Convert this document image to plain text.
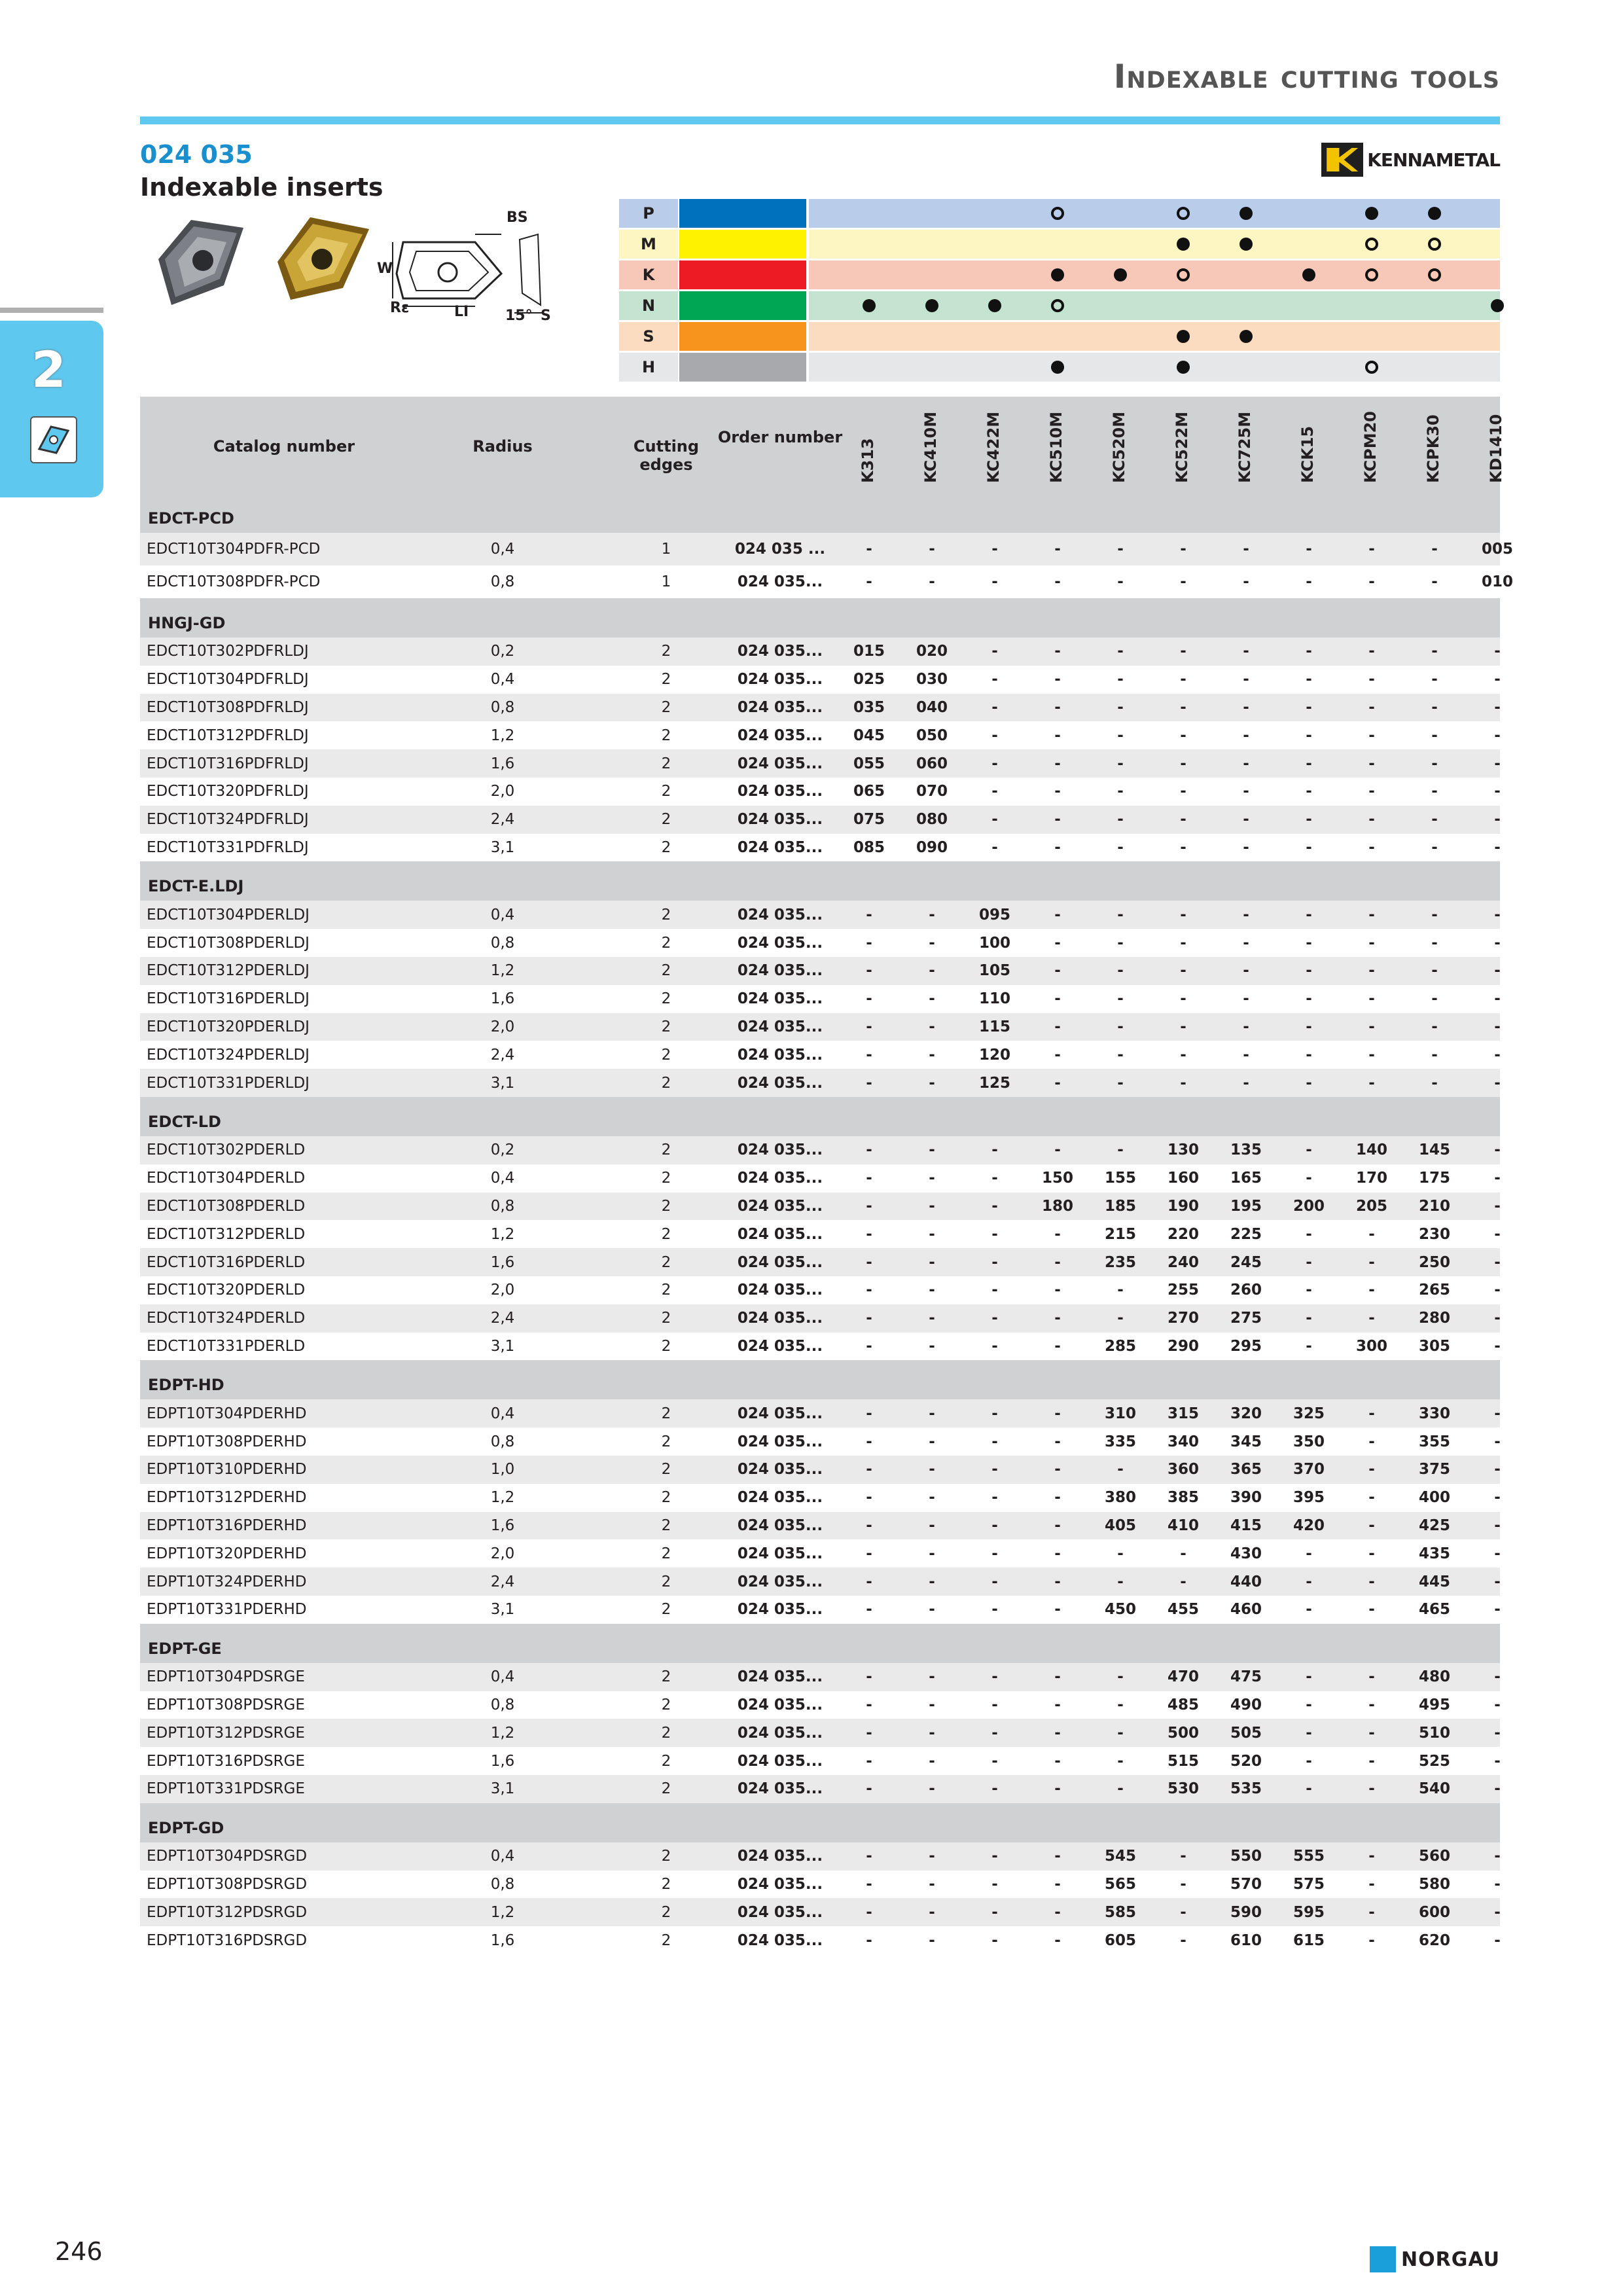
Indexable cutting tools
024 035
Indexable inserts
KENNAMETAL
2
BS
W
Rε	LI	15° S
P
M
K
N
S
H
Catalog number	Radius	Cutting edges
Order number
K313	KC410M	KC422M	KC510M	KC520M	KC522M	KC725M	KCK15	KCPM20	KCPK30	KD1410
EDCT-PCD
EDCT10T304PDFR-PCD	0,4	1	024 035 ...	-	-	-	-	-	-	-	-	-	-	005
EDCT10T308PDFR-PCD	0,8	1	024 035...	-	-	-	-	-	-	-	-	-	-	010
HNGJ-GD
EDCT10T302PDFRLDJ	0,2	2	024 035...	015	020	-	-	-	-	-	-	-	-	-
EDCT10T304PDFRLDJ	0,4	2	024 035...	025	030	-	-	-	-	-	-	-	-	-
EDCT10T308PDFRLDJ	0,8	2	024 035...	035	040	-	-	-	-	-	-	-	-	-
EDCT10T312PDFRLDJ	1,2	2	024 035...	045	050	-	-	-	-	-	-	-	-	-
EDCT10T316PDFRLDJ	1,6	2	024 035...	055	060	-	-	-	-	-	-	-	-	-
EDCT10T320PDFRLDJ	2,0	2	024 035...	065	070	-	-	-	-	-	-	-	-	-
EDCT10T324PDFRLDJ	2,4	2	024 035...	075	080	-	-	-	-	-	-	-	-	-
EDCT10T331PDFRLDJ	3,1	2	024 035...	085	090	-	-	-	-	-	-	-	-	-
EDCT-E.LDJ
EDCT10T304PDERLDJ	0,4	2	024 035...	-	-	095	-	-	-	-	-	-	-	-
EDCT10T308PDERLDJ	0,8	2	024 035...	-	-	100	-	-	-	-	-	-	-	-
EDCT10T312PDERLDJ	1,2	2	024 035...	-	-	105	-	-	-	-	-	-	-	-
EDCT10T316PDERLDJ	1,6	2	024 035...	-	-	110	-	-	-	-	-	-	-	-
EDCT10T320PDERLDJ	2,0	2	024 035...	-	-	115	-	-	-	-	-	-	-	-
EDCT10T324PDERLDJ	2,4	2	024 035...	-	-	120	-	-	-	-	-	-	-	-
EDCT10T331PDERLDJ	3,1	2	024 035...	-	-	125	-	-	-	-	-	-	-	-
EDCT-LD
EDCT10T302PDERLD	0,2	2	024 035...	-	-	-	-	-	130	135	-	140	145	-
EDCT10T304PDERLD	0,4	2	024 035...	-	-	-	150	155	160	165	-	170	175	-
EDCT10T308PDERLD	0,8	2	024 035...	-	-	-	180	185	190	195	200	205	210	-
EDCT10T312PDERLD	1,2	2	024 035...	-	-	-	-	215	220	225	-	-	230	-
EDCT10T316PDERLD	1,6	2	024 035...	-	-	-	-	235	240	245	-	-	250	-
EDCT10T320PDERLD	2,0	2	024 035...	-	-	-	-	-	255	260	-	-	265	-
EDCT10T324PDERLD	2,4	2	024 035...	-	-	-	-	-	270	275	-	-	280	-
EDCT10T331PDERLD	3,1	2	024 035...	-	-	-	-	285	290	295	-	300	305	-
EDPT-HD
EDPT10T304PDERHD	0,4	2	024 035...	-	-	-	-	310	315	320	325	-	330	-
EDPT10T308PDERHD	0,8	2	024 035...	-	-	-	-	335	340	345	350	-	355	-
EDPT10T310PDERHD	1,0	2	024 035...	-	-	-	-	-	360	365	370	-	375	-
EDPT10T312PDERHD	1,2	2	024 035...	-	-	-	-	380	385	390	395	-	400	-
EDPT10T316PDERHD	1,6	2	024 035...	-	-	-	-	405	410	415	420	-	425	-
EDPT10T320PDERHD	2,0	2	024 035...	-	-	-	-	-	-	430	-	-	435	-
EDPT10T324PDERHD	2,4	2	024 035...	-	-	-	-	-	-	440	-	-	445	-
EDPT10T331PDERHD	3,1	2	024 035...	-	-	-	-	450	455	460	-	-	465	-
EDPT-GE
EDPT10T304PDSRGE	0,4	2	024 035...	-	-	-	-	-	470	475	-	-	480	-
EDPT10T308PDSRGE	0,8	2	024 035...	-	-	-	-	-	485	490	-	-	495	-
EDPT10T312PDSRGE	1,2	2	024 035...	-	-	-	-	-	500	505	-	-	510	-
EDPT10T316PDSRGE	1,6	2	024 035...	-	-	-	-	-	515	520	-	-	525	-
EDPT10T331PDSRGE	3,1	2	024 035...	-	-	-	-	-	530	535	-	-	540	-
EDPT-GD
EDPT10T304PDSRGD	0,4	2	024 035...	-	-	-	-	545	-	550	555	-	560	-
EDPT10T308PDSRGD	0,8	2	024 035...	-	-	-	-	565	-	570	575	-	580	-
EDPT10T312PDSRGD	1,2	2	024 035...	-	-	-	-	585	-	590	595	-	600	-
EDPT10T316PDSRGD	1,6	2	024 035...	-	-	-	-	605	-	610	615	-	620	-
246	NORGAU
